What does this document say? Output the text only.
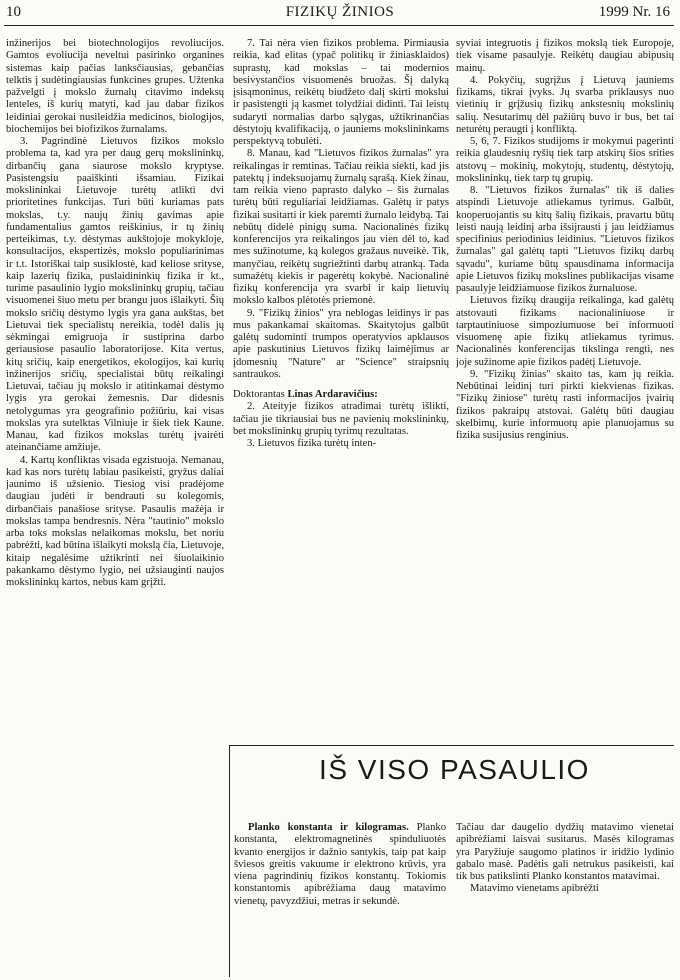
10	FIZIKŲ ŽINIOS	1999 Nr. 16

inžinerijos bei biotechnologijos revoliucijos. Gamtos evoliucija neveltui pasirinko organines sistemas kaip pačias lanksčiausias, gebančias telktis į sudėtingiausias funkcines grupes. Užtenka pažvelgti į mokslo žurnalų citavimo indeksų lenteles, iš kurių matyti, kad jau dabar fizikos leidiniai gerokai nusileidžia medicinos, biologijos, biochemijos bei biofizikos žurnalams.

3. Pagrindinė Lietuvos fizikos mokslo problema ta, kad yra per daug gerų mokslininkų, dirbančių gana siaurose mokslo kryptyse. Pasistengsiu paaiškinti išsamiau. Fizikai mokslininkai Lietuvoje turėtų atlikti dvi prioritetines funkcijas. Turi būti kuriamas pats mokslas, t.y. naujų žinių gavimas apie fundamentalius gamtos reiškinius, ir tų žinių perteikimas, t.y. dėstymas aukštojoje mokykloje, konsultacijos, ekspertizės, mokslo populiarinimas ir t.t. Istoriškai taip susiklostė, kad keliose srityse, kaip lazerių fizika, puslaidininkių fizika ir kt., turime pasaulinio lygio mokslininkų grupių, tačiau visuomenei šiuo metu per brangu juos išlaikyti. Šių mokslo sričių dėstymo lygis yra gana aukštas, bet Lietuvai tiek specialistų nereikia, todėl dalis jų sėkmingai emigruoja ir sustiprina darbo geriausiose pasaulio laboratorijose. Kita vertus, kitų sričių, kaip energetikos, ekologijos, kai kurių inžinerijos sričių, specialistai būtų reikalingi Lietuvai, tačiau jų mokslo ir atitinkamai dėstymo lygis yra gerokai žemesnis. Dar didesnis netolygumas yra geografinio požiūriu, kai visas mokslas yra sutelktas Vilniuje ir šiek tiek Kaune. Manau, kad fizikos mokslas turėtų įvairėti ateinančiame amžiuje.

4. Kartų konfliktas visada egzistuoja. Nemanau, kad kas nors turėtų labiau pasikeisti, gryžus daliai jaunimo iš užsienio. Tiesiog visi pradėjome daugiau judėti ir bendrauti su kolegomis, dirbančiais panašiose srityse. Pasaulis mažėja ir mokslas tampa bendresnis. Nėra "tautinio" mokslo arba toks mokslas nelaikomas mokslu, bet noriu pabrėžti, kad būtina išlaikyti mokslą čia, Lietuvoje, kitaip negalėsime užtikrinti nei šiuolaikinio pakankamo dėstymo lygio, nei užsiauginti naujos mokslininkų kartos, nebus kam grįžti.

7. Tai nėra vien fizikos problema. Pirmiausia reikia, kad elitas (ypač politikų ir žiniasklaidos) suprastų, kad mokslas – tai modernios besivystančios visuomenės bruožas. Šį dalyką įsisąmoninus, reikėtų biudžeto dalį skirti mokslui ir pasistengti ją kasmet tolydžiai didinti. Tai leistų sudaryti normalias darbo sąlygas, užtikrinančias dėstytojų kvalifikaciją, o jauniems mokslininkams perspektyvą tobulėti.

8. Manau, kad "Lietuvos fizikos žurnalas" yra reikalingas ir remtinas. Tačiau reikia siekti, kad jis patektų į indeksuojamų žurnalų sąrašą. Kiek žinau, tam reikia vieno paprasto dalyko – šis žurnalas turėtų būti reguliariai leidžiamas. Galėtų ir patys fizikai susitarti ir kiek paremti žurnalo leidybą. Tai nebūtų didelė pinigų suma. Nacionalinės fizikų konferencijos yra reikalingos jau vien dėl to, kad mes sužinotume, ką kolegos gražaus nuveikė. Tik, manyčiau, reikėtų sugriežtinti darbų atranką. Tada sumažėtų kiekis ir pagerėtų kokybė. Nacionalinė fizikų konferencija yra svarbi ir kaip lietuvių mokslo kalbos plėtotės priemonė.

9. "Fizikų žinios" yra neblogas leidinys ir pas mus pakankamai skaitomas. Skaitytojus galbūt galėtų sudominti trumpos operatyvios apklausos apie paskutinius Lietuvos fizikų laimėjimus ar įdomesnių "Nature" ar "Science" straipsnių santraukos.

Doktorantas Linas Ardaravičius:

2. Ateityje fizikos atradimai turėtų išlikti, tačiau jie tikriausiai bus ne pavienių mokslininkų, bet mokslininkų grupių tyrimų rezultatas.

3. Lietuvos fizika turėtų inten-

syviai integruotis į fizikos mokslą tiek Europoje, tiek visame pasaulyje. Reikėtų daugiau abipusių mainų.

4. Pokyčių, sugrįžus į Lietuvą jauniems fizikams, tikrai įvyks. Jų svarba priklausys nuo vietinių ir grįžusių fizikų ankstesnių mokslinių salių. Nesutarimų dėl pažiūrų buvo ir bus, bet tai neturėtų peraugti į konfliktą.

5, 6, 7. Fizikos studijoms ir mokymui pagerinti reikia glaudesnių ryšių tiek tarp atskirų šios srities atstovų – mokinių, mokytojų, studentų, dėstytojų, mokslininkų, tiek tarp tų grupių.

8. "Lietuvos fizikos žurnalas" tik iš dalies atspindi Lietuvoje atliekamus tyrimus. Galbūt, kooperuojantis su kitų šalių fizikais, pravartu būtų leisti naują leidinį arba išsijrausti į jau leidžiamus specifinius periodinius leidinius. "Lietuvos fizikos žurnalas" gal galėtų tapti "Lietuvos fizikų darbų sąvadu", kuriame būtų spausdinama informacija apie Lietuvos fizikų mokslines publikacijas visame pasaulyje leidžiamuose fizikos žurnaluose.

Lietuvos fizikų draugija reikalinga, kad galėtų atstovauti fizikams nacionaliniuose ir tarptautiniuose simpoziumuose bei informuoti visuomenę apie fizikų atliekamus tyrimus. Nacionalinės konferencijas tikslinga rengti, nes joje sužinome apie fizikos padėtį Lietuvoje.

9. "Fizikų žinias" skaito tas, kam jų reikia. Nebūtinai leidinį turi pirkti kiekvienas fizikas. "Fizikų žiniose" turėtų rasti informacijos įvairių fizikos pakraipų atstovai. Galėtų būti daugiau skelbimų, kurie informuotų apie planuojamus su fizika susijusius renginius.

IŠ VISO PASAULIO

Planko konstanta ir kilogramas. Planko konstanta, elektromagnetinės spinduliuotės kvanto energijos ir dažnio santykis, taip pat kaip šviesos greitis vakuume ir elektrono krūvis, yra viena pagrindinių fizikos konstantų. Tokiomis konstantomis apibrėžiama daug matavimo vienetų, pavyzdžiui, metras ir sekundė.

Tačiau dar daugelio dydžių matavimo vienetai apibrėžiami laisvai susitarus. Masės kilogramas yra Paryžiuje saugomo platinos ir iridžio lydinio gabalo masė. Padėtis gali netrukus pasikeisti, kai tik bus patikslinti Planko konstantos matavimai.

Matavimo vienetams apibrėžti
